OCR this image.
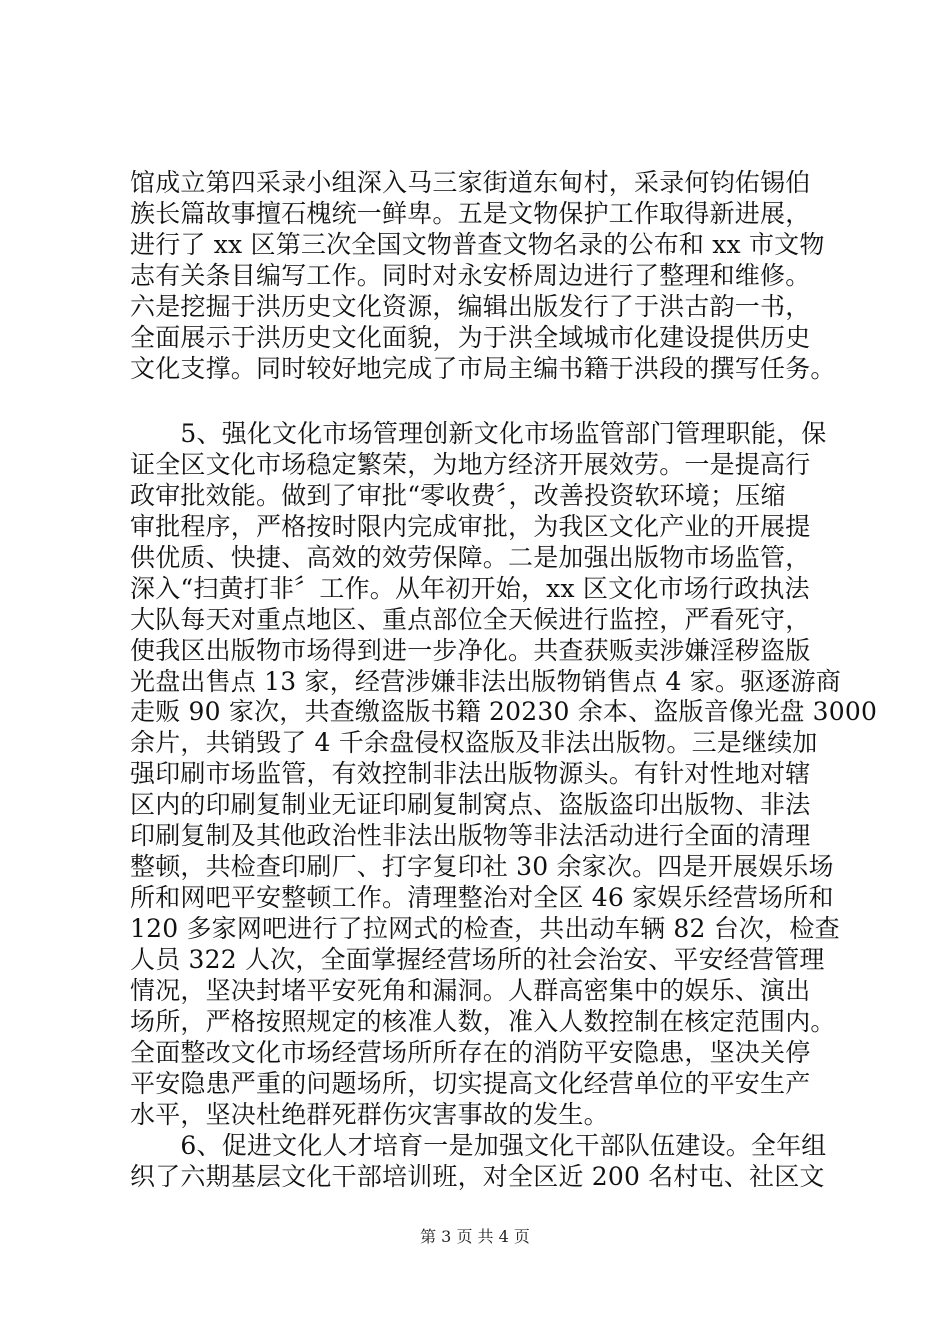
馆成立第四采录小组深入马三家街道东甸村，采录何钧佑锡伯
族长篇故事擅石槐统一鲜卑。五是文物保护工作取得新进展，
进行了 xx 区第三次全国文物普查文物名录的公布和 xx 市文物
志有关条目编写工作。同时对永安桥周边进行了整理和维修。
六是挖掘于洪历史文化资源，编辑出版发行了于洪古韵一书，
全面展示于洪历史文化面貌，为于洪全域城市化建设提供历史
文化支撑。同时较好地完成了市局主编书籍于洪段的撰写任务。
　　5、强化文化市场管理创新文化市场监管部门管理职能，保
证全区文化市场稳定繁荣，为地方经济开展效劳。一是提高行
政审批效能。做到了审批“零收费〞，改善投资软环境；压缩
审批程序，严格按时限内完成审批，为我区文化产业的开展提
供优质、快捷、高效的效劳保障。二是加强出版物市场监管，
深入“扫黄打非〞工作。从年初开始，xx 区文化市场行政执法
大队每天对重点地区、重点部位全天候进行监控，严看死守，
使我区出版物市场得到进一步净化。共查获贩卖涉嫌淫秽盗版
光盘出售点 13 家，经营涉嫌非法出版物销售点 4 家。驱逐游商
走贩 90 家次，共查缴盗版书籍 20230 余本、盗版音像光盘 3000
余片，共销毁了 4 千余盘侵权盗版及非法出版物。三是继续加
强印刷市场监管，有效控制非法出版物源头。有针对性地对辖
区内的印刷复制业无证印刷复制窝点、盗版盗印出版物、非法
印刷复制及其他政治性非法出版物等非法活动进行全面的清理
整顿，共检查印刷厂、打字复印社 30 余家次。四是开展娱乐场
所和网吧平安整顿工作。清理整治对全区 46 家娱乐经营场所和
120 多家网吧进行了拉网式的检查，共出动车辆 82 台次，检查
人员 322 人次，全面掌握经营场所的社会治安、平安经营管理
情况，坚决封堵平安死角和漏洞。人群高密集中的娱乐、演出
场所，严格按照规定的核准人数，准入人数控制在核定范围内。
全面整改文化市场经营场所所存在的消防平安隐患，坚决关停
平安隐患严重的问题场所，切实提高文化经营单位的平安生产
水平，坚决杜绝群死群伤灾害事故的发生。
　　6、促进文化人才培育一是加强文化干部队伍建设。全年组
织了六期基层文化干部培训班，对全区近 200 名村屯、社区文
第 3 页 共 4 页
